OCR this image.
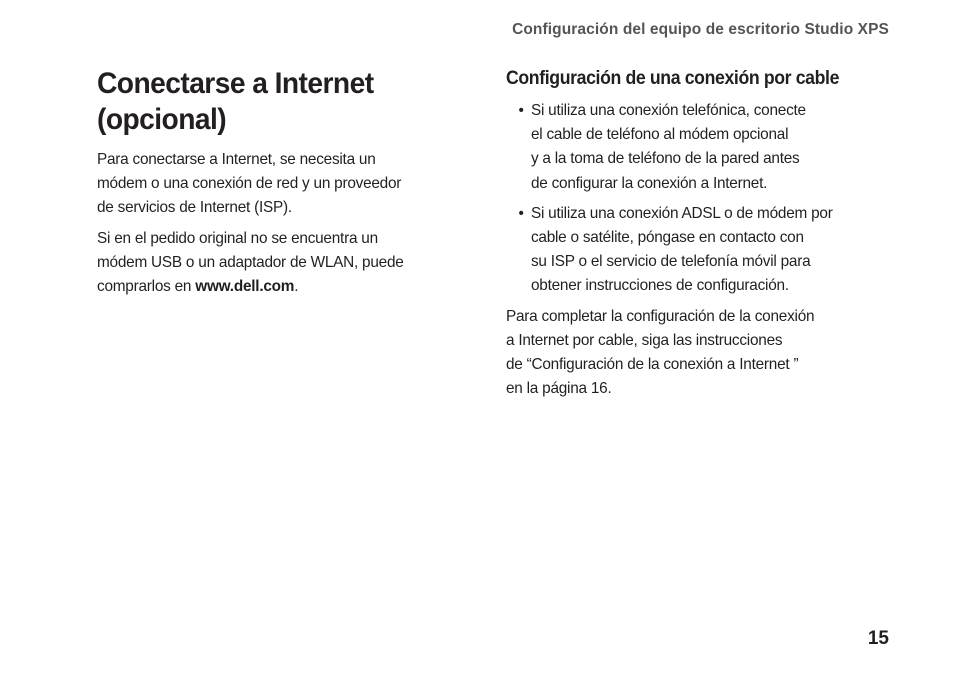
Configuración del equipo de escritorio Studio XPS
Conectarse a Internet
(opcional)

Para conectarse a Internet, se necesita un
módem o una conexión de red y un proveedor
de servicios de Internet (ISP).

Si en el pedido original no se encuentra un
módem USB o un adaptador de WLAN, puede
comprarlos en www.dell.com.

Configuración de una conexión por cable
• Si utiliza una conexión telefónica, conecte
el cable de teléfono al módem opcional
y a la toma de teléfono de la pared antes
de configurar la conexión a Internet.
• Si utiliza una conexión ADSL o de módem por
cable o satélite, póngase en contacto con
su ISP o el servicio de telefonía móvil para
obtener instrucciones de configuración.

Para completar la configuración de la conexión
a Internet por cable, siga las instrucciones
de “Configuración de la conexión a Internet ”
en la página 16.

15
